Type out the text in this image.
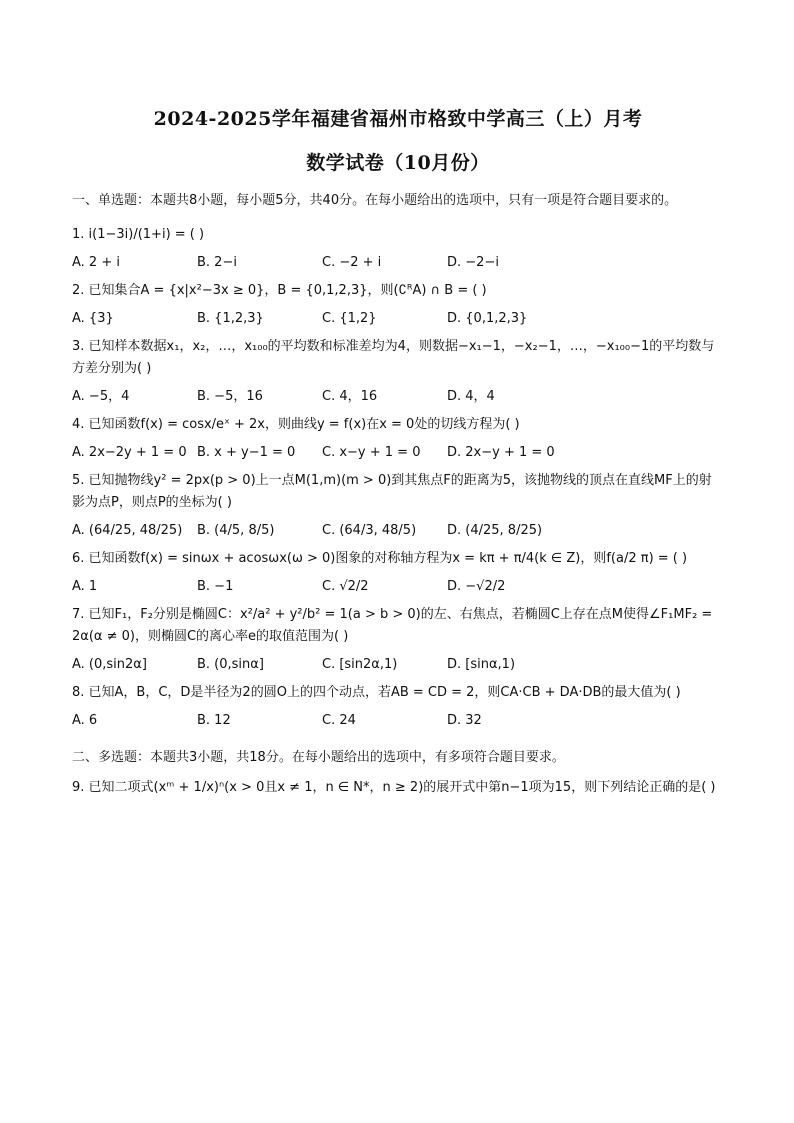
2024-2025学年福建省福州市格致中学高三（上）月考
数学试卷（10月份）
一、单选题：本题共8小题，每小题5分，共40分。在每小题给出的选项中，只有一项是符合题目要求的。
1. i(1−3i)/(1+i) = ( )
A. 2 + i	B. 2−i	C. −2 + i	D. −2−i
2. 已知集合A = {x|x²−3x ≥ 0}，B = {0,1,2,3}，则(∁ᴿA) ∩ B = ( )
A. {3}	B. {1,2,3}	C. {1,2}	D. {0,1,2,3}
3. 已知样本数据x₁，x₂，…，x₁₀₀的平均数和标准差均为4，则数据−x₁−1，−x₂−1，…，−x₁₀₀−1的平均数与方差分别为( )
A. −5，4	B. −5，16	C. 4，16	D. 4，4
4. 已知函数f(x) = cosx/eˣ + 2x，则曲线y = f(x)在x = 0处的切线方程为( )
A. 2x−2y + 1 = 0 B. x + y−1 = 0	C. x−y + 1 = 0	D. 2x−y + 1 = 0
5. 已知抛物线y² = 2px(p > 0)上一点M(1,m)(m > 0)到其焦点F的距离为5，该抛物线的顶点在直线MF上的射影为点P，则点P的坐标为( )
A. (64/25, 48/25)	B. (4/5, 8/5)	C. (64/3, 48/5)	D. (4/25, 8/25)
6. 已知函数f(x) = sinωx + acosωx(ω > 0)图象的对称轴方程为x = kπ + π/4(k ∈ Z)，则f(a/2 π) = ( )
A. 1	B. −1	C. √2/2	D. −√2/2
7. 已知F₁，F₂分别是椭圆C：x²/a² + y²/b² = 1(a > b > 0)的左、右焦点，若椭圆C上存在点M使得∠F₁MF₂ = 2α(α ≠ 0)，则椭圆C的离心率e的取值范围为( )
A. (0,sin2α]	B. (0,sinα]	C. [sin2α,1)	D. [sinα,1)
8. 已知A，B，C，D是半径为2的圆O上的四个动点，若AB = CD = 2，则CA·CB + DA·DB的最大值为( )
A. 6	B. 12	C. 24	D. 32
二、多选题：本题共3小题，共18分。在每小题给出的选项中，有多项符合题目要求。
9. 已知二项式(xᵐ + 1/x)ⁿ(x > 0且x ≠ 1，n ∈ N*，n ≥ 2)的展开式中第n−1项为15，则下列结论正确的是( )
